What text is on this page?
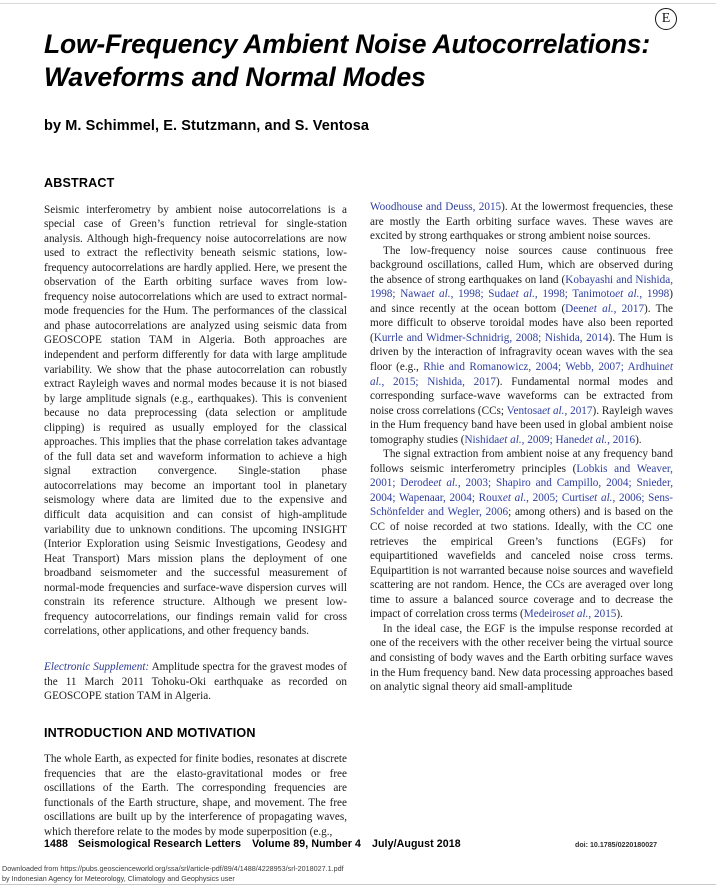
E
Low-Frequency Ambient Noise Autocorrelations:
Waveforms and Normal Modes
by M. Schimmel, E. Stutzmann, and S. Ventosa
ABSTRACT

Seismic interferometry by ambient noise autocorrelations is a special case of Green’s function retrieval for single-station analysis. Although high-frequency noise autocorrelations are now used to extract the reflectivity beneath seismic stations, low-frequency autocorrelations are hardly applied. Here, we present the observation of the Earth orbiting surface waves from low-frequency noise autocorrelations which are used to extract normal-mode frequencies for the Hum. The performances of the classical and phase autocorrelations are analyzed using seismic data from GEOSCOPE station TAM in Algeria. Both approaches are independent and perform differently for data with large amplitude variability. We show that the phase autocorrelation can robustly extract Rayleigh waves and normal modes because it is not biased by large amplitude signals (e.g., earthquakes). This is convenient because no data preprocessing (data selection or amplitude clipping) is required as usually employed for the classical approaches. This implies that the phase correlation takes advantage of the full data set and waveform information to achieve a high signal extraction convergence. Single-station phase autocorrelations may become an important tool in planetary seismology where data are limited due to the expensive and difficult data acquisition and can consist of high-amplitude variability due to unknown conditions. The upcoming INSIGHT (Interior Exploration using Seismic Investigations, Geodesy and Heat Transport) Mars mission plans the deployment of one broadband seismometer and the successful measurement of normal-mode frequencies and surface-wave dispersion curves will constrain its reference structure. Although we present low-frequency autocorrelations, our findings remain valid for cross correlations, other applications, and other frequency bands.

Electronic Supplement: Amplitude spectra for the gravest modes of the 11 March 2011 Tohoku-Oki earthquake as recorded on GEOSCOPE station TAM in Algeria.

INTRODUCTION AND MOTIVATION

The whole Earth, as expected for finite bodies, resonates at discrete frequencies that are the elasto-gravitational modes or free oscillations of the Earth. The corresponding frequencies are functionals of the Earth structure, shape, and movement. The free oscillations are built up by the interference of propagating waves, which therefore relate to the modes by mode superposition (e.g.,

Woodhouse and Deuss, 2015). At the lowermost frequencies, these are mostly the Earth orbiting surface waves. These waves are excited by strong earthquakes or strong ambient noise sources.

The low-frequency noise sources cause continuous free background oscillations, called Hum, which are observed during the absence of strong earthquakes on land (Kobayashi and Nishida, 1998; Nawaet al., 1998; Sudaet al., 1998; Tanimotoet al., 1998) and since recently at the ocean bottom (Deenet al., 2017). The more difficult to observe toroidal modes have also been reported (Kurrle and Widmer-Schnidrig, 2008; Nishida, 2014). The Hum is driven by the interaction of infragravity ocean waves with the sea floor (e.g., Rhie and Romanowicz, 2004; Webb, 2007; Ardhuinet al., 2015; Nishida, 2017). Fundamental normal modes and corresponding surface-wave waveforms can be extracted from noise cross correlations (CCs; Ventosaet al., 2017). Rayleigh waves in the Hum frequency band have been used in global ambient noise tomography studies (Nishidaet al., 2009; Hanedet al., 2016).

The signal extraction from ambient noise at any frequency band follows seismic interferometry principles (Lobkis and Weaver, 2001; Derodeet al., 2003; Shapiro and Campillo, 2004; Snieder, 2004; Wapenaar, 2004; Rouxet al., 2005; Curtiset al., 2006; Sens-Schönfelder and Wegler, 2006; among others) and is based on the CC of noise recorded at two stations. Ideally, with the CC one retrieves the empirical Green’s functions (EGFs) for equipartitioned wavefields and canceled noise cross terms. Equipartition is not warranted because noise sources and wavefield scattering are not random. Hence, the CCs are averaged over long time to assure a balanced source coverage and to decrease the impact of correlation cross terms (Medeiroset al., 2015).

In the ideal case, the EGF is the impulse response recorded at one of the receivers with the other receiver being the virtual source and consisting of body waves and the Earth orbiting surface waves in the Hum frequency band. New data processing approaches based on analytic signal theory aid small-amplitude

1488 Seismological Research Letters Volume 89, Number 4 July/August 2018	doi: 10.1785/0220180027
Downloaded from https://pubs.geoscienceworld.org/ssa/srl/article-pdf/89/4/1488/4228953/srl-2018027.1.pdf
by Indonesian Agency for Meteorology, Climatology and Geophysics user
